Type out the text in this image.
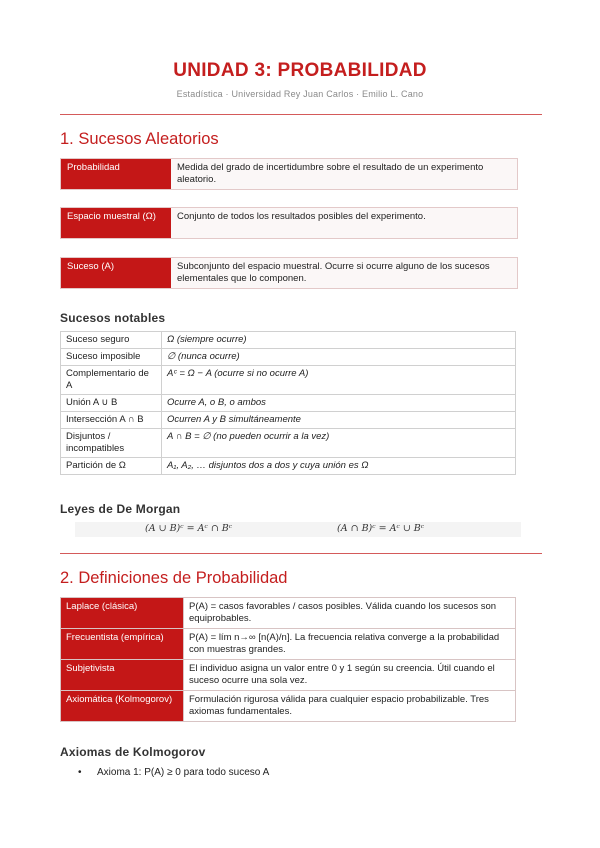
UNIDAD 3: PROBABILIDAD
Estadística · Universidad Rey Juan Carlos · Emilio L. Cano
1. Sucesos Aleatorios
Probabilidad	Medida del grado de incertidumbre sobre el resultado de un experimento aleatorio.
Espacio muestral (Ω)	Conjunto de todos los resultados posibles del experimento.
Suceso (A)	Subconjunto del espacio muestral. Ocurre si ocurre alguno de los sucesos elementales que lo componen.
Sucesos notables
Suceso seguro	Ω (siempre ocurre)
Suceso imposible	∅ (nunca ocurre)
Complementario de A	Aᶜ = Ω − A (ocurre si no ocurre A)
Unión A ∪ B	Ocurre A, o B, o ambos
Intersección A ∩ B	Ocurren A y B simultáneamente
Disjuntos / incompatibles	A ∩ B = ∅ (no pueden ocurrir a la vez)
Partición de Ω	A₁, A₂, … disjuntos dos a dos y cuya unión es Ω
Leyes de De Morgan
(A ∪ B)ᶜ = Aᶜ ∩ Bᶜ	(A ∩ B)ᶜ = Aᶜ ∪ Bᶜ
2. Definiciones de Probabilidad
Laplace (clásica)	P(A) = casos favorables / casos posibles. Válida cuando los sucesos son equiprobables.
Frecuentista (empírica)	P(A) = lím n→∞ [n(A)/n]. La frecuencia relativa converge a la probabilidad con muestras grandes.
Subjetivista	El individuo asigna un valor entre 0 y 1 según su creencia. Útil cuando el suceso ocurre una sola vez.
Axiomática (Kolmogorov)	Formulación rigurosa válida para cualquier espacio probabilizable. Tres axiomas fundamentales.
Axiomas de Kolmogorov
• Axioma 1: P(A) ≥ 0 para todo suceso A
